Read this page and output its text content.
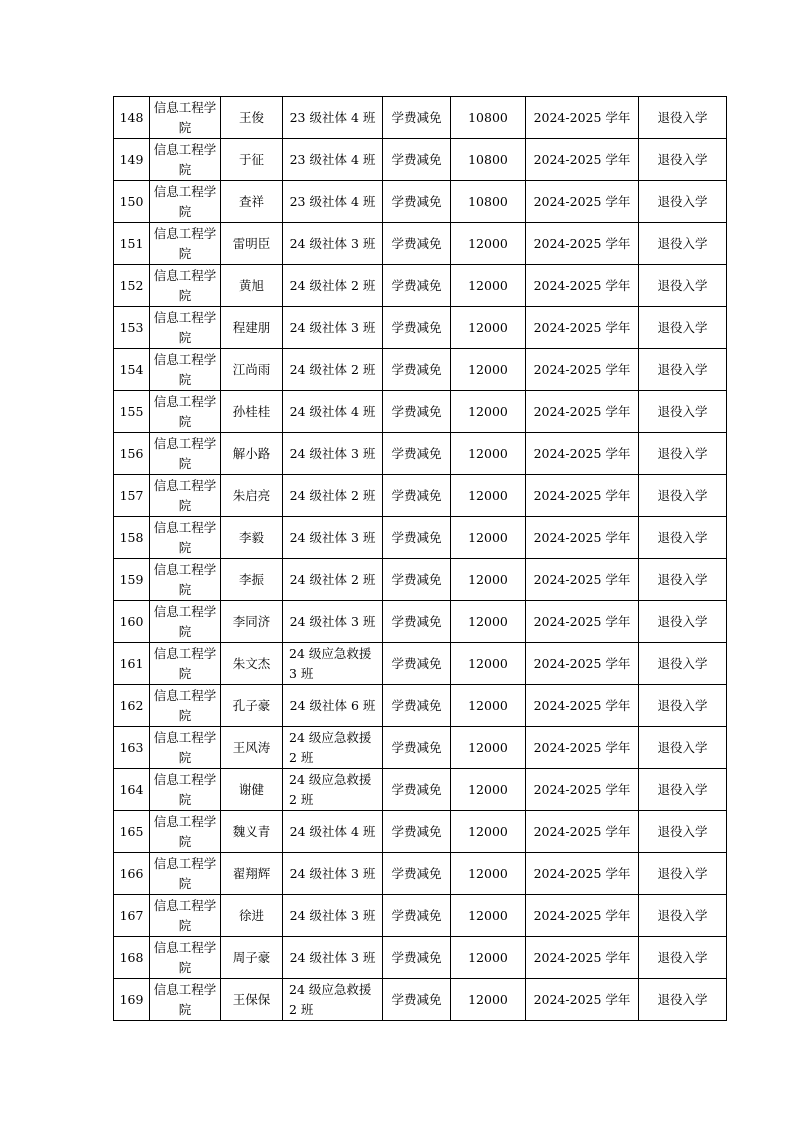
148	信息工程学院	王俊	23 级社体 4 班	学费减免	10800	2024-2025 学年	退役入学
149	信息工程学院	于征	23 级社体 4 班	学费减免	10800	2024-2025 学年	退役入学
150	信息工程学院	查祥	23 级社体 4 班	学费减免	10800	2024-2025 学年	退役入学
151	信息工程学院	雷明臣	24 级社体 3 班	学费减免	12000	2024-2025 学年	退役入学
152	信息工程学院	黄旭	24 级社体 2 班	学费减免	12000	2024-2025 学年	退役入学
153	信息工程学院	程建朋	24 级社体 3 班	学费减免	12000	2024-2025 学年	退役入学
154	信息工程学院	江尚雨	24 级社体 2 班	学费减免	12000	2024-2025 学年	退役入学
155	信息工程学院	孙桂桂	24 级社体 4 班	学费减免	12000	2024-2025 学年	退役入学
156	信息工程学院	解小路	24 级社体 3 班	学费减免	12000	2024-2025 学年	退役入学
157	信息工程学院	朱启亮	24 级社体 2 班	学费减免	12000	2024-2025 学年	退役入学
158	信息工程学院	李毅	24 级社体 3 班	学费减免	12000	2024-2025 学年	退役入学
159	信息工程学院	李振	24 级社体 2 班	学费减免	12000	2024-2025 学年	退役入学
160	信息工程学院	李同济	24 级社体 3 班	学费减免	12000	2024-2025 学年	退役入学
161	信息工程学院	朱文杰	24 级应急救援 3 班	学费减免	12000	2024-2025 学年	退役入学
162	信息工程学院	孔子豪	24 级社体 6 班	学费减免	12000	2024-2025 学年	退役入学
163	信息工程学院	王风涛	24 级应急救援 2 班	学费减免	12000	2024-2025 学年	退役入学
164	信息工程学院	谢健	24 级应急救援 2 班	学费减免	12000	2024-2025 学年	退役入学
165	信息工程学院	魏义青	24 级社体 4 班	学费减免	12000	2024-2025 学年	退役入学
166	信息工程学院	翟翔辉	24 级社体 3 班	学费减免	12000	2024-2025 学年	退役入学
167	信息工程学院	徐进	24 级社体 3 班	学费减免	12000	2024-2025 学年	退役入学
168	信息工程学院	周子豪	24 级社体 3 班	学费减免	12000	2024-2025 学年	退役入学
169	信息工程学院	王保保	24 级应急救援 2 班	学费减免	12000	2024-2025 学年	退役入学
